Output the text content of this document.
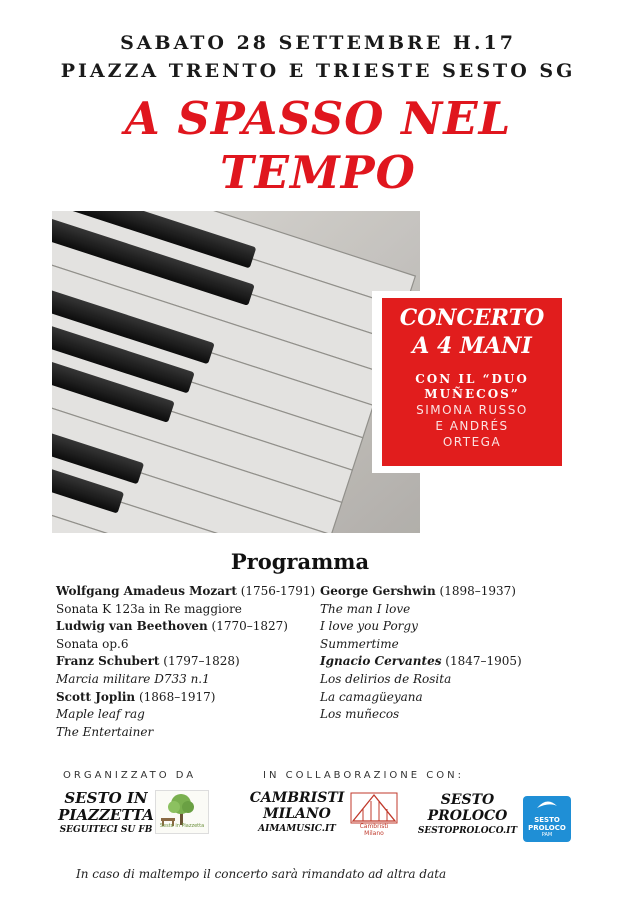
SABATO 28 SETTEMBRE H.17
PIAZZA TRENTO E TRIESTE SESTO SG
A SPASSO NEL
TEMPO
CONCERTO
A 4 MANI
CON IL “DUO
MUÑECOS”
SIMONA RUSSO
E ANDRÉS
ORTEGA
Programma
Wolfgang Amadeus Mozart (1756-1791)
Sonata K 123a in Re maggiore
Ludwig van Beethoven (1770–1827)
Sonata op.6
Franz Schubert (1797–1828)
Marcia militare D733 n.1
Scott Joplin (1868–1917)
Maple leaf rag
The Entertainer
George Gershwin (1898–1937)
The man I love
I love you Porgy
Summertime
Ignacio Cervantes (1847–1905)
Los delirios de Rosita
La camagüeyana
Los muñecos
ORGANIZZATO DA	IN COLLABORAZIONE CON:
SESTO IN
PIAZZETTA
SEGUITECI SU FB	Sesto in Piazzetta
CAMBRISTI
MILANO
AIMAMUSIC.IT	Cambristi Milano
SESTO
PROLOCO
SESTOPROLOCO.IT
SESTO
PROLOCO
PAM
In caso di maltempo il concerto sarà rimandato ad altra data
